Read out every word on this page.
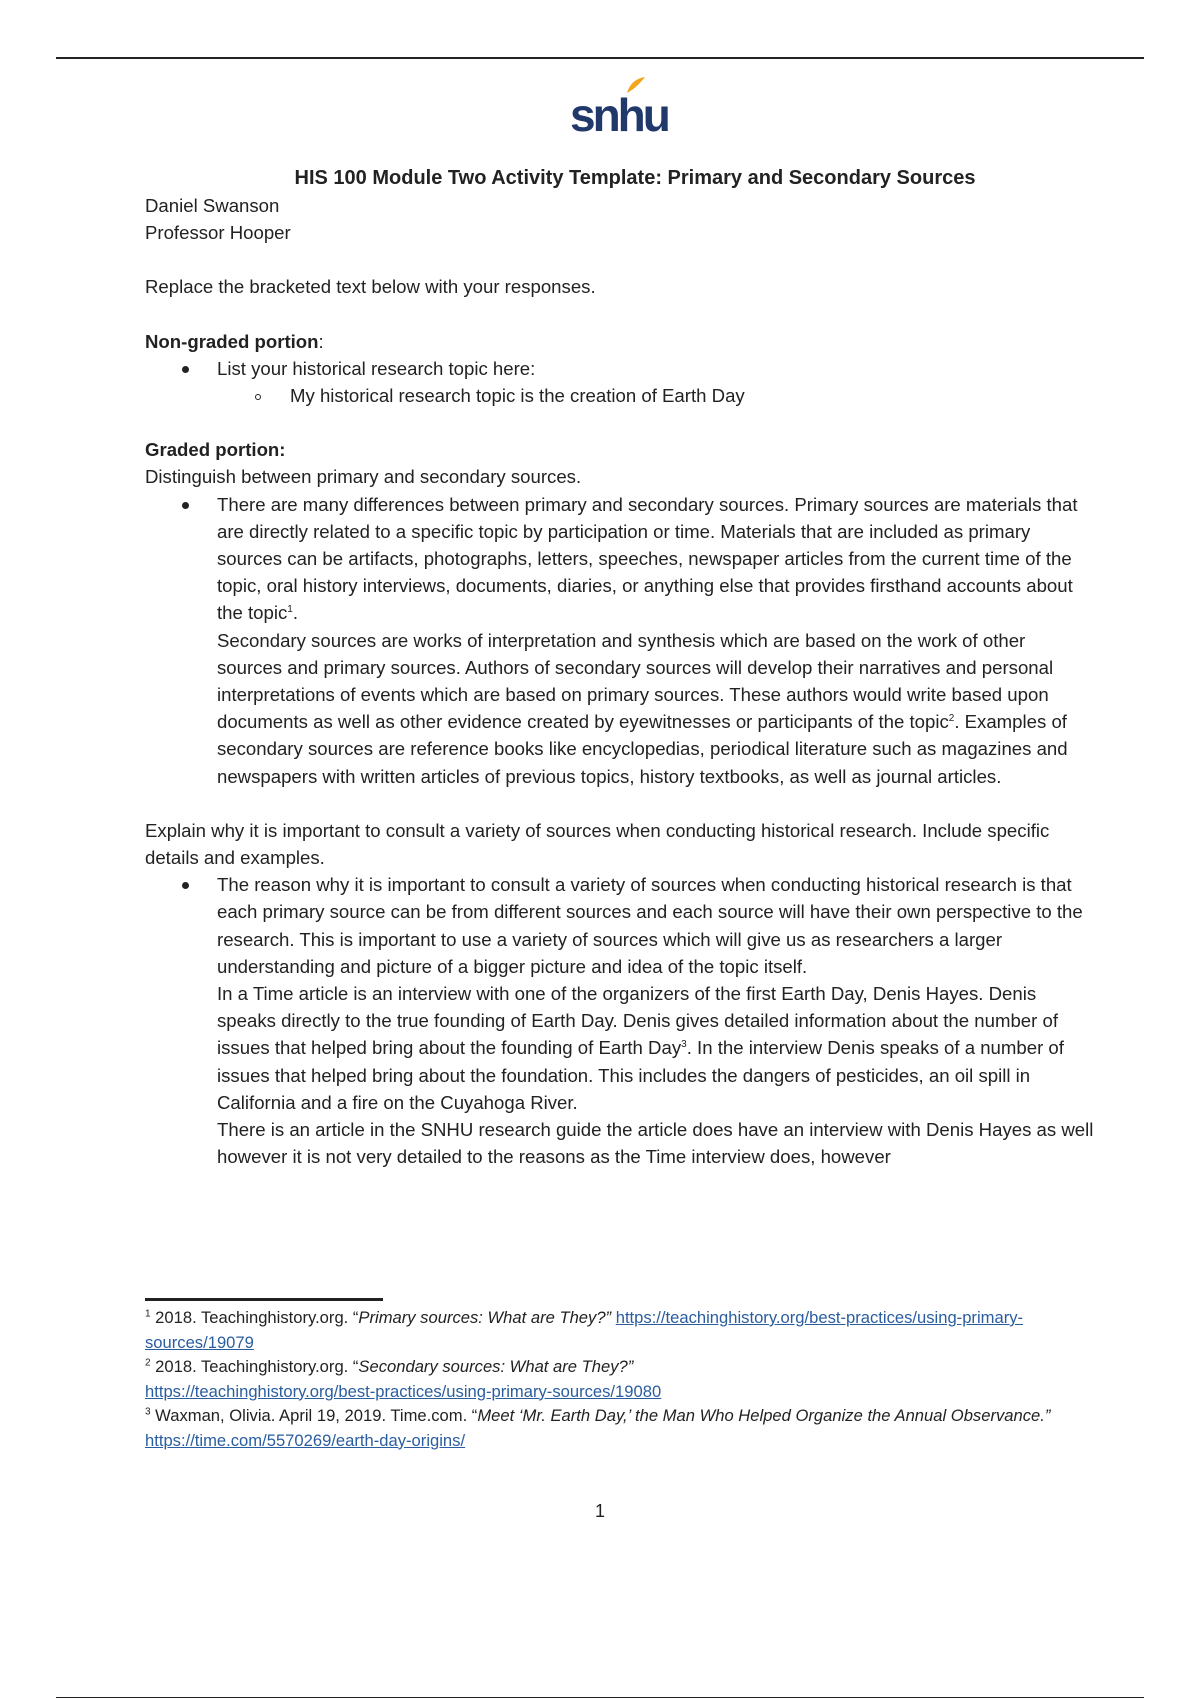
snhu

HIS 100 Module Two Activity Template: Primary and Secondary Sources

Daniel Swanson

Professor Hooper

Replace the bracketed text below with your responses.

Non-graded portion:

List your historical research topic here:
My historical research topic is the creation of Earth Day

Graded portion:

Distinguish between primary and secondary sources.

There are many differences between primary and secondary sources. Primary sources are materials that are directly related to a specific topic by participation or time. Materials that are included as primary sources can be artifacts, photographs, letters, speeches, newspaper articles from the current time of the topic, oral history interviews, documents, diaries, or anything else that provides firsthand accounts about the topic$^1$.

Secondary sources are works of interpretation and synthesis which are based on the work of other sources and primary sources. Authors of secondary sources will develop their narratives and personal interpretations of events which are based on primary sources. These authors would write based upon documents as well as other evidence created by eyewitnesses or participants of the topic$^2$. Examples of secondary sources are reference books like encyclopedias, periodical literature such as magazines and newspapers with written articles of previous topics, history textbooks, as well as journal articles.

Explain why it is important to consult a variety of sources when conducting historical research. Include specific details and examples.

The reason why it is important to consult a variety of sources when conducting historical research is that each primary source can be from different sources and each source will have their own perspective to the research. This is important to use a variety of sources which will give us as researchers a larger understanding and picture of a bigger picture and idea of the topic itself.

In a Time article is an interview with one of the organizers of the first Earth Day, Denis Hayes. Denis speaks directly to the true founding of Earth Day. Denis gives detailed information about the number of issues that helped bring about the founding of Earth Day$^3$. In the interview Denis speaks of a number of issues that helped bring about the foundation. This includes the dangers of pesticides, an oil spill in California and a fire on the Cuyahoga River.

There is an article in the SNHU research guide the article does have an interview with Denis Hayes as well however it is not very detailed to the reasons as the Time interview does, however

$^1$ 2018. Teachinghistory.org. “Primary sources: What are They?” https://teachinghistory.org/best-practices/using-primary-sources/19079

$^2$ 2018. Teachinghistory.org. “Secondary sources: What are They?”
https://teachinghistory.org/best-practices/using-primary-sources/19080

$^3$ Waxman, Olivia. April 19, 2019. Time.com. “Meet ‘Mr. Earth Day,’ the Man Who Helped Organize the Annual Observance.” https://time.com/5570269/earth-day-origins/

1
